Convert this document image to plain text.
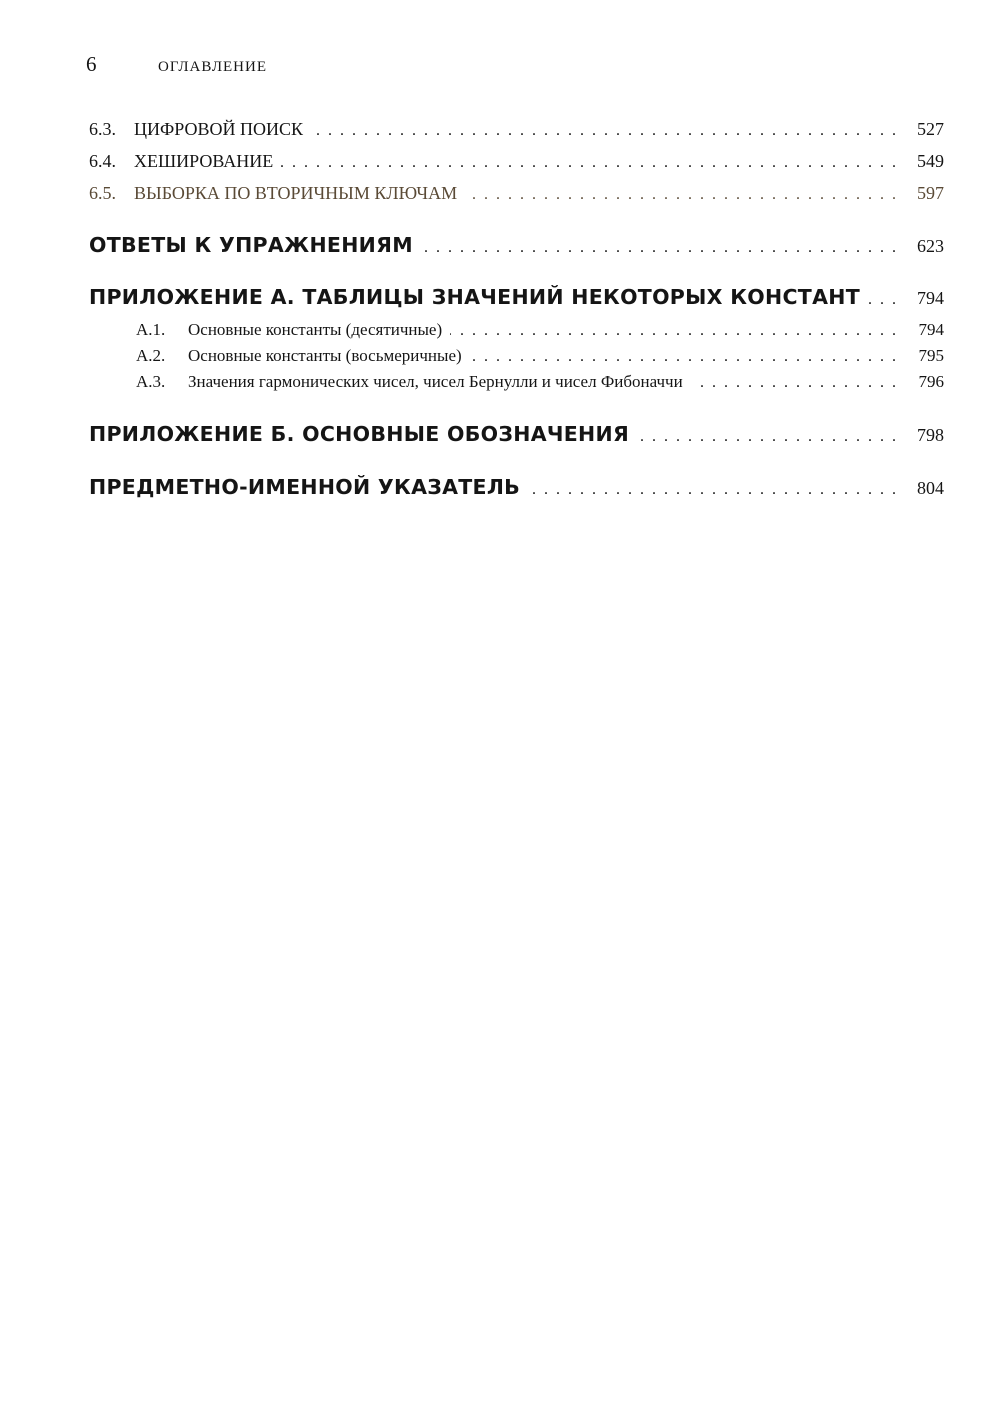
6	ОГЛАВЛЕНИЕ
6.3.	ЦИФРОВОЙ ПОИСК . . .	527
6.4.	ХЕШИРОВАНИЕ . . .	549
6.5.	ВЫБОРКА ПО ВТОРИЧНЫМ КЛЮЧАМ . . .	597
ОТВЕТЫ К УПРАЖНЕНИЯМ . . .	623
ПРИЛОЖЕНИЕ А. ТАБЛИЦЫ ЗНАЧЕНИЙ НЕКОТОРЫХ КОНСТАНТ . . .	794
A.1.	Основные константы (десятичные) . . .	794
A.2.	Основные константы (восьмеричные) . . .	795
A.3.	Значения гармонических чисел, чисел Бернулли и чисел Фибоначчи . . .	796
ПРИЛОЖЕНИЕ Б. ОСНОВНЫЕ ОБОЗНАЧЕНИЯ . . .	798
ПРЕДМЕТНО-ИМЕННОЙ УКАЗАТЕЛЬ . . .	804
